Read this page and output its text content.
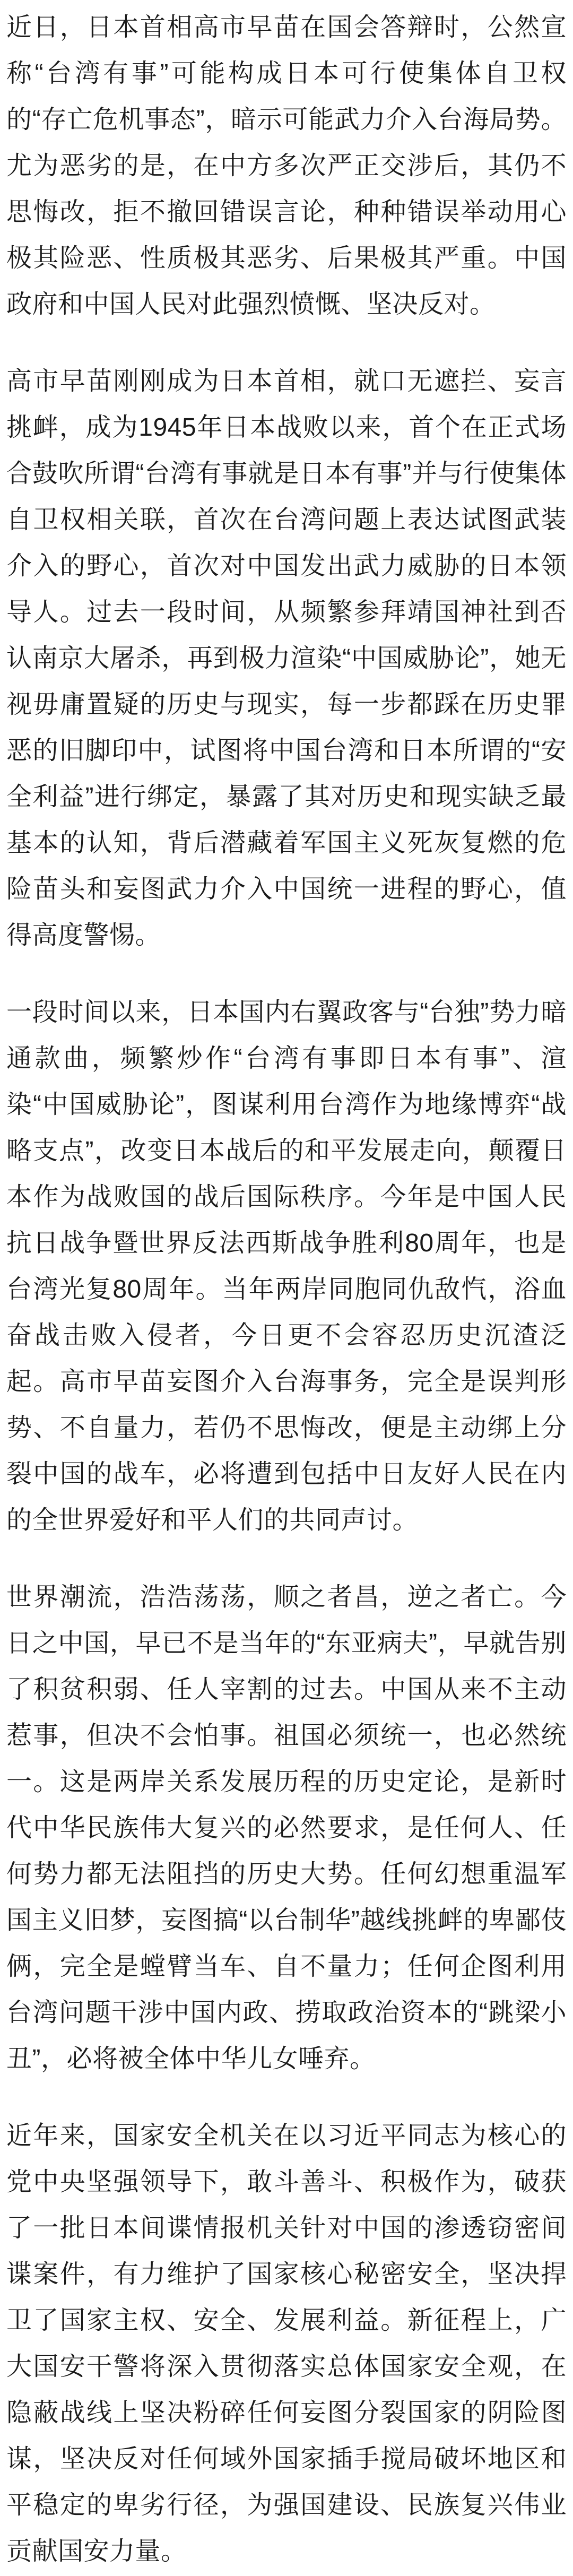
近日，日本首相高市早苗在国会答辩时，公然宣称“台湾有事”可能构成日本可行使集体自卫权的“存亡危机事态”，暗示可能武力介入台海局势。尤为恶劣的是，在中方多次严正交涉后，其仍不思悔改，拒不撤回错误言论，种种错误举动用心极其险恶、性质极其恶劣、后果极其严重。中国政府和中国人民对此强烈愤慨、坚决反对。

高市早苗刚刚成为日本首相，就口无遮拦、妄言挑衅，成为1945年日本战败以来，首个在正式场合鼓吹所谓“台湾有事就是日本有事”并与行使集体自卫权相关联，首次在台湾问题上表达试图武装介入的野心，首次对中国发出武力威胁的日本领导人。过去一段时间，从频繁参拜靖国神社到否认南京大屠杀，再到极力渲染“中国威胁论”，她无视毋庸置疑的历史与现实，每一步都踩在历史罪恶的旧脚印中，试图将中国台湾和日本所谓的“安全利益”进行绑定，暴露了其对历史和现实缺乏最基本的认知，背后潜藏着军国主义死灰复燃的危险苗头和妄图武力介入中国统一进程的野心，值得高度警惕。

一段时间以来，日本国内右翼政客与“台独”势力暗通款曲，频繁炒作“台湾有事即日本有事”、渲染“中国威胁论”，图谋利用台湾作为地缘博弈“战略支点”，改变日本战后的和平发展走向，颠覆日本作为战败国的战后国际秩序。今年是中国人民抗日战争暨世界反法西斯战争胜利80周年，也是台湾光复80周年。当年两岸同胞同仇敌忾，浴血奋战击败入侵者，今日更不会容忍历史沉渣泛起。高市早苗妄图介入台海事务，完全是误判形势、不自量力，若仍不思悔改，便是主动绑上分裂中国的战车，必将遭到包括中日友好人民在内的全世界爱好和平人们的共同声讨。

世界潮流，浩浩荡荡，顺之者昌，逆之者亡。今日之中国，早已不是当年的“东亚病夫”，早就告别了积贫积弱、任人宰割的过去。中国从来不主动惹事，但决不会怕事。祖国必须统一，也必然统一。这是两岸关系发展历程的历史定论，是新时代中华民族伟大复兴的必然要求，是任何人、任何势力都无法阻挡的历史大势。任何幻想重温军国主义旧梦，妄图搞“以台制华”越线挑衅的卑鄙伎俩，完全是螳臂当车、自不量力；任何企图利用台湾问题干涉中国内政、捞取政治资本的“跳梁小丑”，必将被全体中华儿女唾弃。

近年来，国家安全机关在以习近平同志为核心的党中央坚强领导下，敢斗善斗、积极作为，破获了一批日本间谍情报机关针对中国的渗透窃密间谍案件，有力维护了国家核心秘密安全，坚决捍卫了国家主权、安全、发展利益。新征程上，广大国安干警将深入贯彻落实总体国家安全观，在隐蔽战线上坚决粉碎任何妄图分裂国家的阴险图谋，坚决反对任何域外国家插手搅局破坏地区和平稳定的卑劣行径，为强国建设、民族复兴伟业贡献国安力量。
